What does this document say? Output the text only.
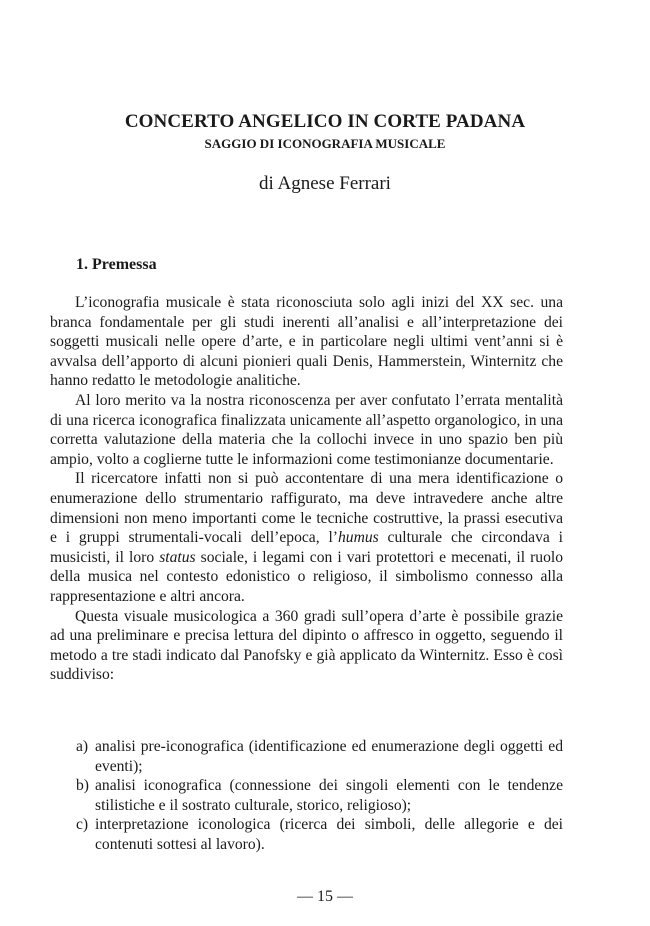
CONCERTO ANGELICO IN CORTE PADANA
SAGGIO DI ICONOGRAFIA MUSICALE
di Agnese Ferrari
1. Premessa

L’iconografia musicale è stata riconosciuta solo agli inizi del XX sec. una branca fondamentale per gli studi inerenti all’analisi e all’interpretazione dei soggetti musicali nelle opere d’arte, e in particolare negli ultimi vent’anni si è avvalsa dell’apporto di alcuni pionieri quali Denis, Hammerstein, Winternitz che hanno redatto le metodologie analitiche.

Al loro merito va la nostra riconoscenza per aver confutato l’errata mentalità di una ricerca iconografica finalizzata unicamente all’aspetto organologico, in una corretta valutazione della materia che la collochi invece in uno spazio ben più ampio, volto a coglierne tutte le informazioni come testimonianze documentarie.

Il ricercatore infatti non si può accontentare di una mera identificazione o enumerazione dello strumentario raffigurato, ma deve intravedere anche altre dimensioni non meno importanti come le tecniche costruttive, la prassi esecutiva e i gruppi strumentali-vocali dell’epoca, l’humus culturale che circondava i musicisti, il loro status sociale, i legami con i vari protettori e mecenati, il ruolo della musica nel contesto edonistico o religioso, il simbolismo connesso alla rappresentazione e altri ancora.

Questa visuale musicologica a 360 gradi sull’opera d’arte è possibile grazie ad una preliminare e precisa lettura del dipinto o affresco in oggetto, seguendo il metodo a tre stadi indicato dal Panofsky e già applicato da Winternitz. Esso è così suddiviso:

a) analisi pre-iconografica (identificazione ed enumerazione degli oggetti ed eventi);
b) analisi iconografica (connessione dei singoli elementi con le tendenze stilistiche e il sostrato culturale, storico, religioso);
c) interpretazione iconologica (ricerca dei simboli, delle allegorie e dei contenuti sottesi al lavoro).
— 15 —
